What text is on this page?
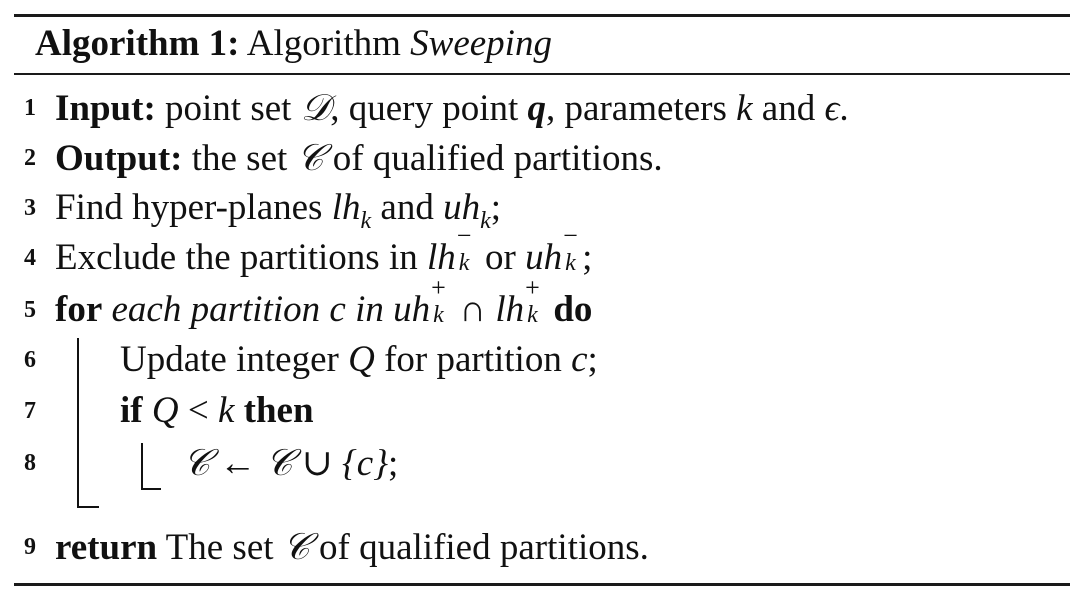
Algorithm 1: Algorithm Sweeping
1 Input: point set 𝒟, query point q, parameters k and ϵ.
2 Output: the set 𝒞 of qualified partitions.
3 Find hyper-planes $lh_k$ and $uh_k$;
4 Exclude the partitions in lh
−
k or uh
−
k ;
5 for each partition c in uh
+
k ∩ lh
+
k do
6 Update integer Q for partition c;
7 if Q < k then
8	𝒞 ← 𝒞 ∪ {c};
9 return The set 𝒞 of qualified partitions.
